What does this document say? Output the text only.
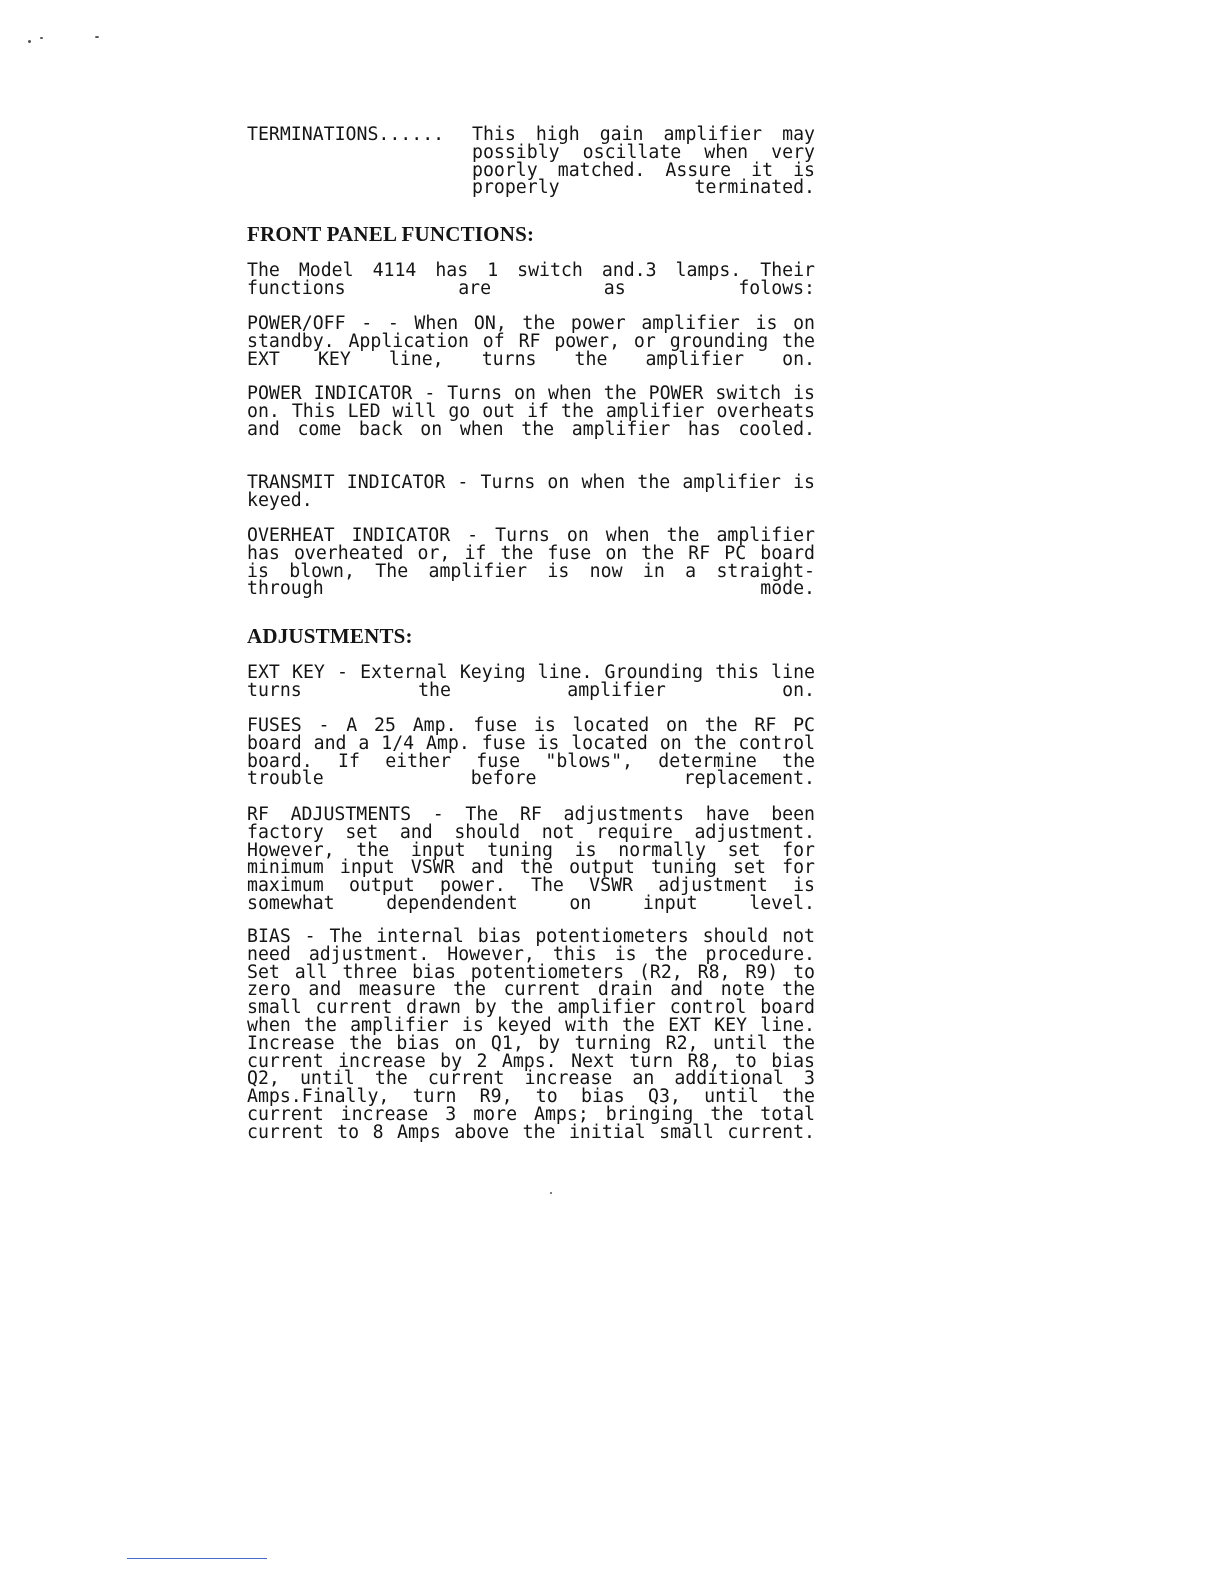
TERMINATIONS...... This high gain amplifier may possibly oscillate when very poorly matched. Assure it is properly terminated.
FRONT PANEL FUNCTIONS:

The Model 4114 has 1 switch and.3 lamps. Their functions are as folows:

POWER/OFF - - When ON, the power amplifier is on standby. Application of RF power, or grounding the EXT KEY line, turns the amplifier on.

POWER INDICATOR - Turns on when the POWER switch is on. This LED will go out if the amplifier overheats and come back on when the amplifier has cooled.

TRANSMIT INDICATOR - Turns on when the amplifier is keyed.

OVERHEAT INDICATOR - Turns on when the amplifier has overheated or, if the fuse on the RF PC board is blown, The amplifier is now in a straight- through mode.

ADJUSTMENTS:

EXT KEY - External Keying line. Grounding this line turns the amplifier on.

FUSES - A 25 Amp. fuse is located on the RF PC board and a 1/4 Amp. fuse is located on the control board. If either fuse "blows", determine the trouble before replacement.

RF ADJUSTMENTS - The RF adjustments have been factory set and should not require adjustment. However, the input tuning is normally set for minimum input VSWR and the output tuning set for maximum output power. The VSWR adjustment is somewhat dependendent on input level.

BIAS - The internal bias potentiometers should not need adjustment. However, this is the procedure. Set all three bias potentiometers (R2, R8, R9) to zero and measure the current drain and note the small current drawn by the amplifier control board when the amplifier is keyed with the EXT KEY line. Increase the bias on Q1, by turning R2, until the current increase by 2 Amps. Next turn R8, to bias Q2, until the current increase an additional 3 Amps.Finally, turn R9, to bias Q3, until the current increase 3 more Amps; bringing the total current to 8 Amps above the initial small current.
